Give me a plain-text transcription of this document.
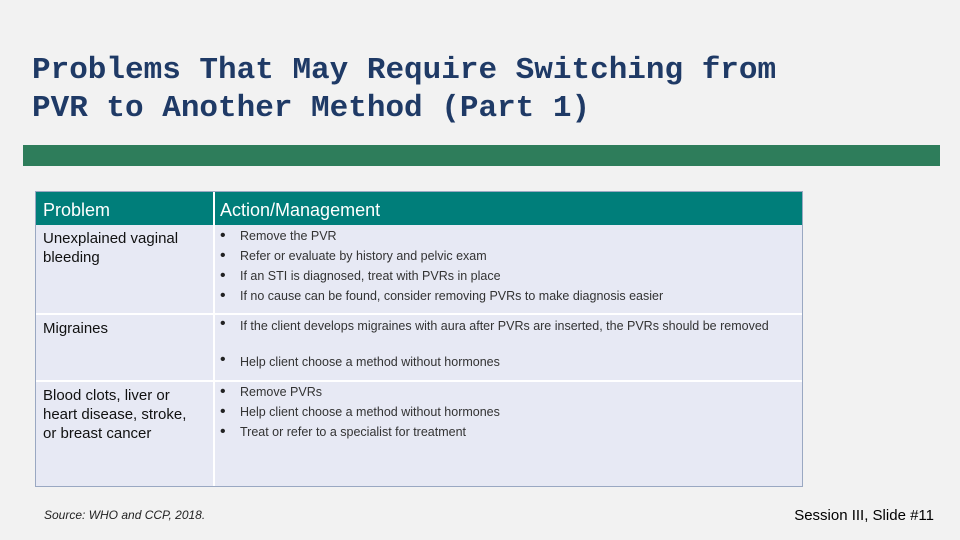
Problems That May Require Switching from
PVR to Another Method (Part 1)
Problem	Action/Management
Unexplained vaginal
bleeding
• Remove the PVR
• Refer or evaluate by history and pelvic exam
• If an STI is diagnosed, treat with PVRs in place
• If no cause can be found, consider removing PVRs to make diagnosis easier
Migraines
•	If the client develops migraines with aura after PVRs are inserted, the PVRs should be removed
• Help client choose a method without hormones
Blood clots, liver or
heart disease, stroke,
or breast cancer
• Remove PVRs
• Help client choose a method without hormones
• Treat or refer to a specialist for treatment
Source: WHO and CCP, 2018.	Session III, Slide #11
